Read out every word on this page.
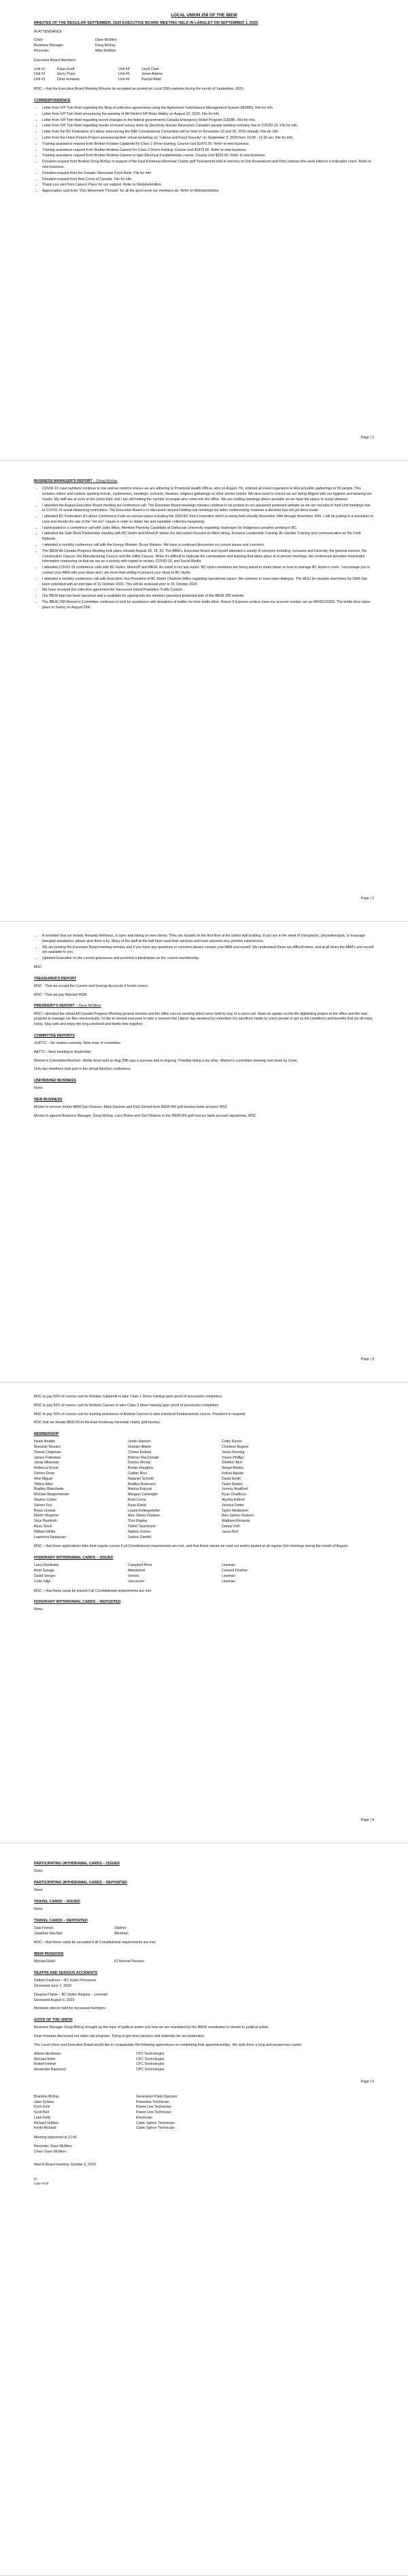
LOCAL UNION 258 OF THE IBEW
MINUTES OF THE REGULAR SEPTEMBER, 2020 EXECUTIVE BOARD MEETING HELD IN LANGLEY ON SEPTEMBER 1, 2020

IN ATTENDANCE

Chair:	Dave McMinn
Business Manager:	Doug McKay
Recorder:	Mike McMinn

Executive Board Members:

Unit #1	Klaus Kraft	Unit #4	Lloyd Clark
Unit #2	Gerry Pope	Unit #5	Jesse Adams
Unit #3	Dean Kotanas	Unit #6	Rachel Allan

MSC – that the Executive Board Meeting Minutes be accepted as posted on Local 258's website during the month of September, 2020.

CORRESPONDENCE
• Letter from IVP Tom Reid regarding the filing of collective agreements using the Agreement Submissions Management System (MSMS). File for info.
• Letter from IVP Tom Reid announcing the passing of 4th District IVP Brian Malloy on August 22, 2020. File for info.
• Letter from IVP Tom Reid regarding recent changes to the federal governments Canada Emergency Relief Program (CERB). File for info.
• Letter from IVP Tom Reid regarding results of recent survey done by Electricity Human Resources Canada's people working remotely due to COVID-19. File for info.
• Letter from the BC Federation of Labour announcing the 59th Constitutional Convention will be held on November 23 and 26, 2020 virtually. File for info.
• Letter from the Union Protein Project announcing their virtual workshop on "Labour and Food Security" on September 3, 2020 from 10:30 - 11:30 am. File for info.
• Training assistance request from Brother Kristian Calabretti for Class 1 Driver training. Course cost $1470.00. Refer to new business.
• Training assistance request from Brother Andrew Cannon for Class 3 Driver training. Course cost $1470.00. Refer to new business.
• Training assistance request from Brother Andrew Cannon to take Electrical Fundamentals course. Course cost $529.00. Refer to new business.
• Donation request from Brother Doug McKay in support of the East Kootenay Memorial Charity golf Tournament held in memory of Dirk Rosenboom and Rob Lehman who were killed in a helicopter crash. Refer to new business.
• Donation request from the Greater Vancouver Food Bank. File for info.
• Donation request from Red Cross of Canada. File for info.
• Thank you card from Canuck Place for our support. Refer to Website/Hotline.
• Appreciation card from "One Movement Threads" for all the good work our members do. Refer to Website/Hotline.
Page | 1
BUSINESS MANAGER'S REPORT – Doug McKay
• COVID-19 case numbers continue to rise and we need to ensure we are adhering to Provincial Health Officer, who on August 7th, ordered all event organizers to limit all public gatherings to 50 people. This includes indoor and outdoor sporting events, conferences, meetings, concerts, theatres, religious gatherings or other similar events. We also need to ensure we are being diligent with our hygiene and wearing our masks. My staff are at work at the Union Hall, and I am still limiting the number of people who come into the office. We are holding meetings where possible as we have the space to social distance.
• I attended the August Executive Board meeting via conference call. The Executive Board meetings minutes continue to be posted on our password protected website as we are not able to hold Unit meetings due to COVID-19 social distancing restrictions. The Executive Board is in discussion around holding unit meetings via video conferencing, however a decision has not yet been made.
• I attended BC Federation of Labour Conference Calls on various topics including the 2020 BC Fed Convention which is being held virtually November 24th through November 26th. I will be putting in a resolution to crew and decide the use of the "me too" clause in order to obtain fair and equitable collective bargaining.
• I participated in a conference call with Jodie Miles, Member Planning Candidate at Dalhousie University regarding challenges for Indigenous peoples working in BC.
• I attended the Safe Work Partnership meeting with BC Hydro and MoveUP where the discussion focused on Merit Hiring, Inclusive Leadership Training, Bc transfer Training and communication on the Field Network.
• I attended a monthly conference call with the Energy Minister, Bruce Ralston. We have a continued discussion on current issues and concerns.
• The IBEW All Canada Progress Meeting took place virtually August 18, 19, 20. The ABM's, Executive Board and myself attended a variety of sessions including, Inclusion and Diversity, the general session, the Construction Caucus, the Manufacturing Caucus and the Utility Caucus. While it's difficult to replicate the camaraderie and learning that takes place at in person meetings, the conference provided meaningful information reassuring us that we are as a society with regard to racism, COVID-19, and Social Media.
• I attended COVID-19 conference calls with BC Hydro, MoveUP and IBEW. As noted in my last report, BC Hydro members are being asked to share ideas on how to manage BC Hydro's costs. I encourage you to contact your ABM with your ideas and I am more than willing to present your ideas to BC Hydro.
• I attended a monthly conference call with Executive Vice President of BC Hydro Charlotte Mitha regarding operational issues. We continue to have open dialogue. The MOU for variable start times for GMS has been extended with an end date of 31 October 2020. This will be reviewed prior to 31 October 2020.
• We have received the collective agreement for Vancouver Island Powerline Traffic Control.
• Our IBEW App has been launched and is available for signing into the member password protected side of the IBEW 258 website.
• The IBEW 258 Women's Committee continues to look for assistance with donations of bottles for their bottle drive. Return It Express centers have our account number set up #6045203305. The bottle drive takes place in Surrey on August 29th.
Page | 2
• A reminder that our tenant, Revamp Wellness, is open and taking on new clients. They are located on the first floor at the Union Hall building. If you are in the need of chiropractic, physiotherapist, or massage therapist assistance, please give them a try. Many of the staff at the hall have used their services and have reported very positive experiences.
• We are posting the Executive Board meeting minutes and if you have any questions or concerns please contact your ABM and myself. We understand these are difficult times, and at all times the ABM's and myself are available to you.
• Updated Executive on the current grievances and provided a breakdown on the current membership.

MSC

TREASURER'S REPORT

MSC - That we accept the Current and Savings Accounts if found correct.

MSC - That we pay Warrant #638.

PRESIDENT'S REPORT – Dave McMinn

MSC I attended the virtual All Canada Progress Meeting general session and the utility caucus meeting which were held by way of a zoom call. Gave an update on the life digitalizing project at the office and the new program to manage our files electronically. I'd like to remind everyone to take a moment this Labour day weekend to remember the sacrifices made by union people to get us the conditions and benefits that we all enjoy today. Stay safe and enjoy the long weekend and family time together.

COMMITTEE REPORTS

JLATTC – No intakes currently. New chair of committee.

A&TTC –Next meeting in September

Women's Committee/NexGen –Bottle drive held on Aug 29th was a success and is ongoing. Possibly doing a toy drive. Women's committee meeting next week by Zoom.

Only two members took part in the virtual NexGen conference.

UNFINISHED BUSINESS

None.

NEW BUSINESS

Motion to remove former ABM Dan Klassen, Mark Davison and Rick Gerard from IBEW MS golf tourney bank account. MSC

Motion to appoint Business Manager, Doug McKay, Larry Bohre and Gert Watson to the IBEW MS golf tourney bank account signatories. MSC

Page | 3

MSC to pay 50% of course cost for Kristian Calabretti to take Class 1 Driver training upon proof of successful completion.

MSC to pay 50% of course cost for Andrew Cannon to take Class 3 driver training upon proof of successful completion.

MSC to pay 50% of course cost for training assistance of Andrew Cannon to take Electrical Fundamentals course. President to respond.

MSC that we donate $500.00 to the East Kootenay memorial charity golf tourney.

MEMBERSHIP
Neale Beattie	Jordin Hannon	Colby Rosne
Marshall Tessaro	Graham Allaire	Charlene Bugera
Teresa Chapman	Chelse Deddal	Jesse Fleming
James Folinsbee	Brittney MacDonald	Trevor Phillips
Jamie Wiseman	Danica Woody	Sheldon Bird
Rebecca Drurie	Ronan Haughey	Sergei Markin
Darren Oram	Caitlan Rice	Felicia Aguilar
Ariel Miguel	Nataniel Schmitt	David Smith
Tiffany Allen	Bradley Anderson	Taylor Barber
Bradley Blanchette	Marina Bojczuk	Jeremy Bradford
Michael Burgermeister	Meagan Cartwright	Ryan Chadbour
Waylon Collier	Brett Currie	Alyshia Edford
Steven Fox	Ryan Estrid	Jessica Ginter
Bryan Grewal	Leana Kettingsheller	Taylor Mellanson
Martin Mogeme	Alex James Orpiano	Alex James Orpiano
Skye Rainforth	Thor Rayder	Matthew Richards
Ryan Stock	Taifort Taucrienne	Danya Voth
William White	Nathan Zoines	Jason Bell
Lawrence Nadassan	Justice Zweifel

MSC – that these applications take their regular course if all Constitutional requirements are met, and that these names be read out and/or posted at all regular Unit meetings during the month of August.

HONORARY WITHDRAWAL CARDS – ISSUED
Larry Dwolinsky	Campbell River	Lineman
Brett Savage	Abbotsford	Cement Finisher
David Senger	Vernon	Lineman
Colin Silljé	Vancouver	Lineman

MSC – that these cards be issued if all Constitutional requirements are met.

HONORARY WITHDRAWAL CARDS – DEPOSITED

None.

Page | 4
PARTICIPATING WITHDRAWAL CARDS – ISSUED

None.

PARTICIPATING WITHDRAWAL CARDS – DEPOSITED

None.

TRAVEL CARDS – ISSUED

None.

TRAVEL CARDS – DEPOSITED
Dale French	Slasher
Jonathan MacNeil	Wireman

MSC – that these cards be accepted if all Constitutional requirements are met.

IBEW PENSIONS
Michael Edall	IO Normal Pension
DEATHS AND SERIOUS ACCIDENTS
Delbert Faulkner – BC Hydro Pensioner
Deceased June 1, 2020
Dwayne Popek – BC Hydro Regular – Lineman
Deceased August 6, 2020

Moments silence held for deceased members.

GOOD OF THE UNION

Business Manager Doug McKay brought up the topic of political action and how we are mandated by the IBEW constitution to devote to political action.

Dean Kotanas discussed our video clip progress. Trying to get more pictures and materials for our production.

The Local Union and Executive Board would like to congratulate the following apprentices on completing their apprenticeships. We wish them a long and prosperous career:

Allister Apollanes	CPC Technologist
Michael Bohn	CPC Technologist
Robert Homer	CPC Technologist
Alexandre Raymond	CPC Technologist
Page | 5
Brandon McKay	Generation Plant Operator
Jake Sylvina	Powerline Technician
Fynn Kehl	Power Line Technician
Scott Bell	Power Line Technician
Leah Kelly	Electrician
Richard Holden	Cable Splicer Technician
Kevin Richard	Cable Splicer Technician

Meeting adjourned at 11:45

Recorder: Dave McMinn

Chair: Dave McMinn

Next E Board meeting: October 6, 2020

jm
cope #378
